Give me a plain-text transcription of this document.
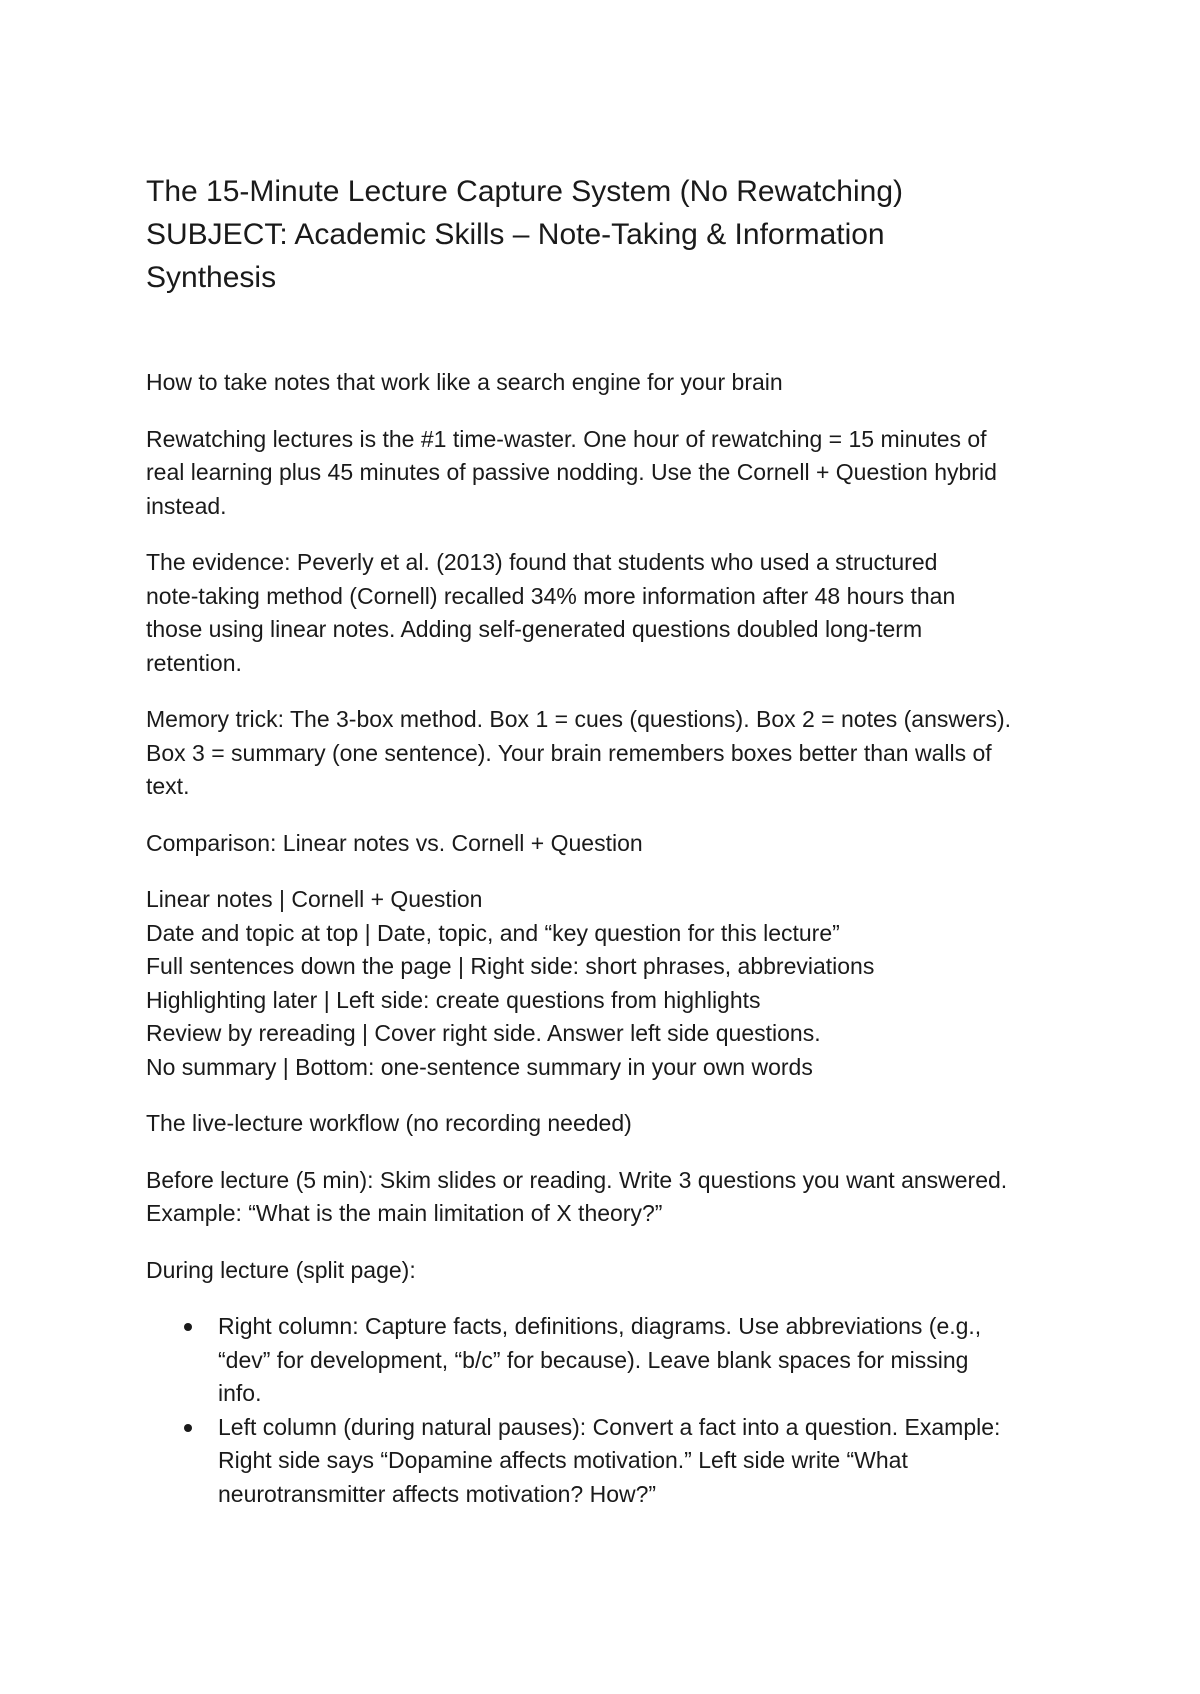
The 15-Minute Lecture Capture System (No Rewatching)
SUBJECT: Academic Skills – Note-Taking & Information
Synthesis

How to take notes that work like a search engine for your brain

Rewatching lectures is the #1 time-waster. One hour of rewatching = 15 minutes of
real learning plus 45 minutes of passive nodding. Use the Cornell + Question hybrid
instead.

The evidence: Peverly et al. (2013) found that students who used a structured
note-taking method (Cornell) recalled 34% more information after 48 hours than
those using linear notes. Adding self-generated questions doubled long-term
retention.

Memory trick: The 3-box method. Box 1 = cues (questions). Box 2 = notes (answers).
Box 3 = summary (one sentence). Your brain remembers boxes better than walls of
text.

Comparison: Linear notes vs. Cornell + Question

Linear notes | Cornell + Question
Date and topic at top | Date, topic, and “key question for this lecture”
Full sentences down the page | Right side: short phrases, abbreviations
Highlighting later | Left side: create questions from highlights
Review by rereading | Cover right side. Answer left side questions.
No summary | Bottom: one-sentence summary in your own words

The live-lecture workflow (no recording needed)

Before lecture (5 min): Skim slides or reading. Write 3 questions you want answered.
Example: “What is the main limitation of X theory?”

During lecture (split page):

Right column: Capture facts, definitions, diagrams. Use abbreviations (e.g.,
“dev” for development, “b/c” for because). Leave blank spaces for missing
info.
Left column (during natural pauses): Convert a fact into a question. Example:
Right side says “Dopamine affects motivation.” Left side write “What
neurotransmitter affects motivation? How?”
